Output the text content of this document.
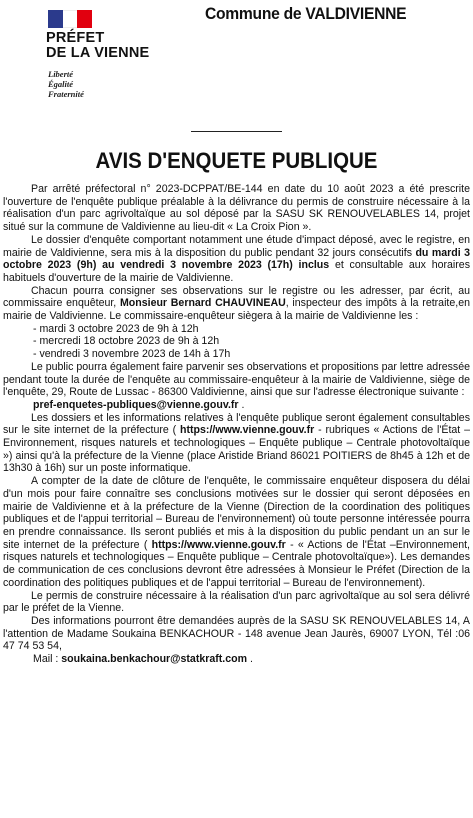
PRÉFET
DE LA VIENNE
Liberté
Égalité
Fraternité
Commune de VALDIVIENNE
AVIS D'ENQUETE PUBLIQUE

Par arrêté préfectoral n° 2023-DCPPAT/BE-144 en date du 10 août 2023 a été prescrite l'ouverture de l'enquête publique préalable à la délivrance du permis de construire nécessaire à la réalisation d'un parc agrivoltaïque au sol déposé par la SASU SK RENOUVELABLES 14, projet situé sur la commune de Valdivienne au lieu-dit « La Croix Pion ».

Le dossier d'enquête comportant notamment une étude d'impact déposé, avec le registre, en mairie de Valdivienne, sera mis à la disposition du public pendant 32 jours consécutifs du mardi 3 octobre 2023 (9h) au vendredi 3 novembre 2023 (17h) inclus et consultable aux horaires habituels d'ouverture de la mairie de Valdivienne.

Chacun pourra consigner ses observations sur le registre ou les adresser, par écrit, au commissaire enquêteur, Monsieur Bernard CHAUVINEAU, inspecteur des impôts à la retraite,en mairie de Valdivienne. Le commissaire-enquêteur siègera à la mairie de Valdivienne les :

- mardi 3 octobre 2023 de 9h à 12h

- mercredi 18 octobre 2023 de 9h à 12h

- vendredi 3 novembre 2023 de 14h à 17h

Le public pourra également faire parvenir ses observations et propositions par lettre adressée pendant toute la durée de l'enquête au commissaire-enquêteur à la mairie de Valdivienne, siège de l'enquête, 29, Route de Lussac - 86300 Valdivienne, ainsi que sur l'adresse électronique suivante :

pref-enquetes-publiques@vienne.gouv.fr .

Les dossiers et les informations relatives à l'enquête publique seront également consultables sur le site internet de la préfecture ( https://www.vienne.gouv.fr - rubriques « Actions de l'État – Environnement, risques naturels et technologiques – Enquête publique – Centrale photovoltaïque ») ainsi qu'à la préfecture de la Vienne (place Aristide Briand 86021 POITIERS de 8h45 à 12h et de 13h30 à 16h) sur un poste informatique.

A compter de la date de clôture de l'enquête, le commissaire enquêteur disposera du délai d'un mois pour faire connaître ses conclusions motivées sur le dossier qui seront déposées en mairie de Valdivienne et à la préfecture de la Vienne (Direction de la coordination des politiques publiques et de l'appui territorial – Bureau de l'environnement) où toute personne intéressée pourra en prendre connaissance. Ils seront publiés et mis à la disposition du public pendant un an sur le site internet de la préfecture ( https://www.vienne.gouv.fr - « Actions de l'État –Environnement, risques naturels et technologiques – Enquête publique – Centrale photovoltaïque»). Les demandes de communication de ces conclusions devront être adressées à Monsieur le Préfet (Direction de la coordination des politiques publiques et de l'appui territorial – Bureau de l'environnement).

Le permis de construire nécessaire à la réalisation d'un parc agrivoltaïque au sol sera délivré par le préfet de la Vienne.

Des informations pourront être demandées auprès de la SASU SK RENOUVELABLES 14, A l'attention de Madame Soukaina BENKACHOUR - 148 avenue Jean Jaurès, 69007 LYON, Tél :06 47 74 53 54,

Mail : soukaina.benkachour@statkraft.com .
